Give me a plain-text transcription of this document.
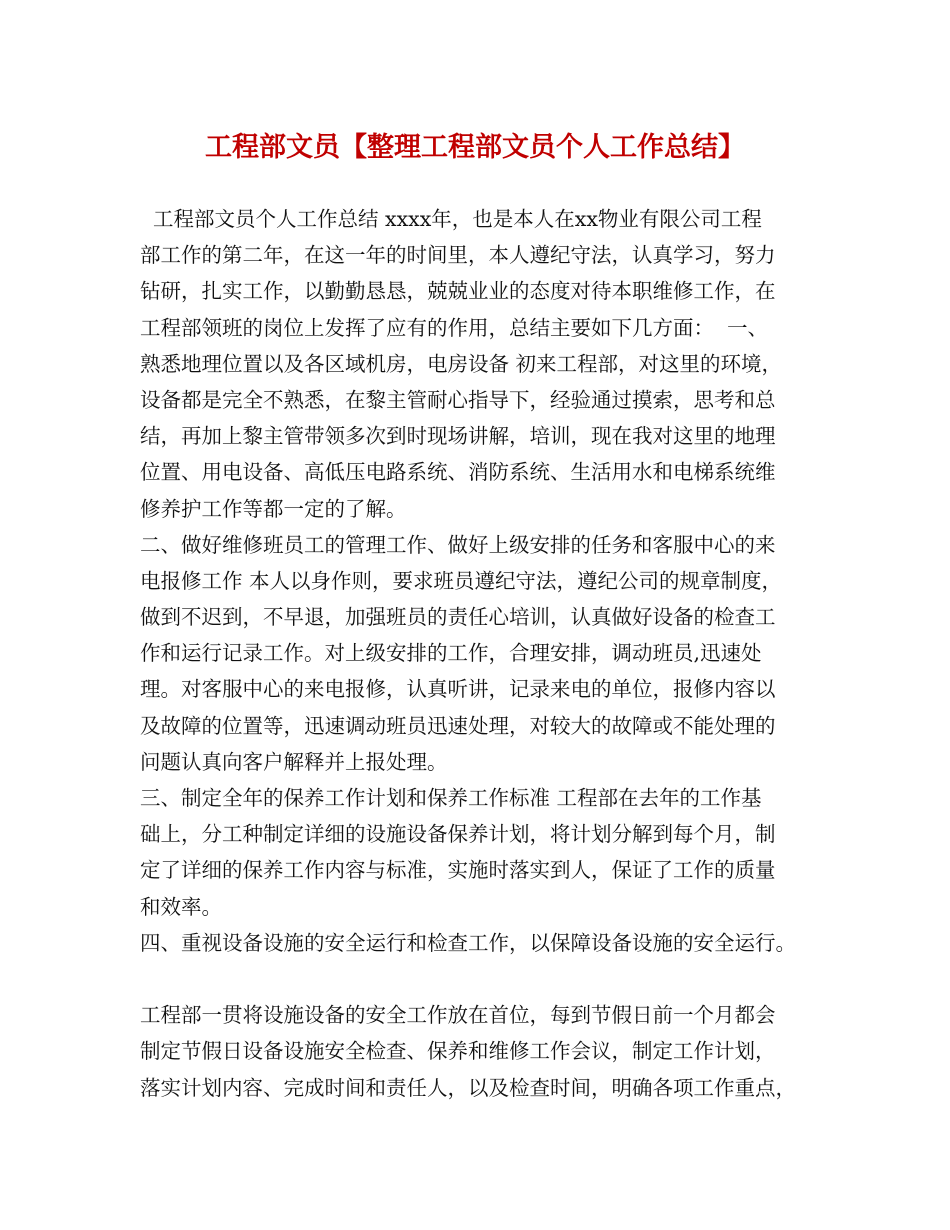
工程部文员【整理工程部文员个人工作总结】
工程部文员个人工作总结 xxxx年，也是本人在xx物业有限公司工程
部工作的第二年，在这一年的时间里，本人遵纪守法，认真学习，努力
钻研，扎实工作，以勤勤恳恳，兢兢业业的态度对待本职维修工作，在
工程部领班的岗位上发挥了应有的作用，总结主要如下几方面：  一、
熟悉地理位置以及各区域机房，电房设备 初来工程部，对这里的环境，
设备都是完全不熟悉，在黎主管耐心指导下，经验通过摸索，思考和总
结，再加上黎主管带领多次到时现场讲解，培训，现在我对这里的地理
位置、用电设备、高低压电路系统、消防系统、生活用水和电梯系统维
修养护工作等都一定的了解。
二、做好维修班员工的管理工作、做好上级安排的任务和客服中心的来
电报修工作 本人以身作则，要求班员遵纪守法，遵纪公司的规章制度，
做到不迟到，不早退，加强班员的责任心培训，认真做好设备的检查工
作和运行记录工作。对上级安排的工作，合理安排，调动班员,迅速处
理。对客服中心的来电报修，认真听讲，记录来电的单位，报修内容以
及故障的位置等，迅速调动班员迅速处理，对较大的故障或不能处理的
问题认真向客户解释并上报处理。
三、制定全年的保养工作计划和保养工作标准 工程部在去年的工作基
础上，分工种制定详细的设施设备保养计划，将计划分解到每个月，制
定了详细的保养工作内容与标准，实施时落实到人，保证了工作的质量
和效率。
四、重视设备设施的安全运行和检查工作，以保障设备设施的安全运行。
工程部一贯将设施设备的安全工作放在首位，每到节假日前一个月都会
制定节假日设备设施安全检查、保养和维修工作会议，制定工作计划，
落实计划内容、完成时间和责任人，以及检查时间，明确各项工作重点，
